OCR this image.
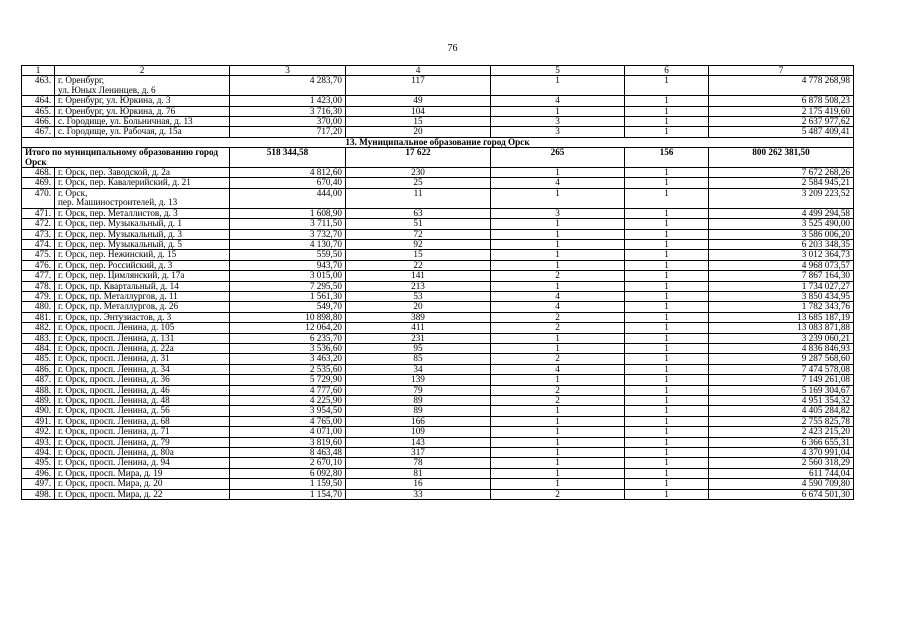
76
1	2	3	4	5	6	7
463.	г. Оренбург,
ул. Юных Ленинцев, д. 6	4 283,70	117	1	1	4 778 268,98
464.	г. Оренбург, ул. Юркина, д. 3	1 423,00	49	4	1	6 878 508,23
465.	г. Оренбург, ул. Юркина, д. 76	3 716,30	104	1	1	2 175 419,60
466.	с. Городище, ул. Больничная, д. 13	370,00	15	3	1	2 637 977,62
467.	с. Городище, ул. Рабочая, д. 15а	717,20	20	3	1	5 487 409,41
13. Муниципальное образование город Орск						
Итого по муниципальному образованию город Орск		518 344,58	17 622	265	156	800 262 381,50
468.	г. Орск, пер. Заводской, д. 2а	4 812,60	230	1	1	7 672 268,26
469.	г. Орск, пер. Кавалерийский, д. 21	670,40	25	4	1	2 584 945,21
470.	г. Орск,
пер. Машиностроителей, д. 13	444,00	11	1	1	3 209 223,52
471.	г. Орск, пер. Металлистов, д. 3	1 608,90	63	3	1	4 499 294,58
472.	г. Орск, пер. Музыкальный, д. 1	3 711,50	51	1	1	3 525 490,00
473.	г. Орск, пер. Музыкальный, д. 3	3 732,70	72	1	1	3 586 006,20
474.	г. Орск, пер. Музыкальный, д. 5	4 130,70	92	1	1	6 203 348,35
475.	г. Орск, пер. Нежинский, д. 15	559,50	15	1	1	3 012 364,73
476.	г. Орск, пер. Российский, д. 3	943,70	22	1	1	4 968 073,57
477.	г. Орск, пер. Цимлянский, д. 17а	3 015,00	141	2	1	7 867 164,30
478.	г. Орск, пр. Квартальный, д. 14	7 295,50	213	1	1	1 734 027,27
479.	г. Орск, пр. Металлургов, д. 11	1 561,30	53	4	1	3 850 434,95
480.	г. Орск, пр. Металлургов, д. 26	549,70	20	4	1	1 782 343,76
481.	г. Орск, пр. Энтузиастов, д. 3	10 898,80	389	2	1	13 685 187,19
482.	г. Орск, просп. Ленина, д. 105	12 064,20	411	2	1	13 083 871,88
483.	г. Орск, просп. Ленина, д. 131	6 235,70	231	1	1	3 239 060,21
484.	г. Орск, просп. Ленина, д. 22а	3 536,60	95	1	1	4 836 846,93
485.	г. Орск, просп. Ленина, д. 31	3 463,20	85	2	1	9 287 568,60
486.	г. Орск, просп. Ленина, д. 34	2 535,60	34	4	1	7 474 578,08
487.	г. Орск, просп. Ленина, д. 36	5 729,90	139	1	1	7 149 261,08
488.	г. Орск, просп. Ленина, д. 46	4 777,60	79	2	1	5 169 304,67
489.	г. Орск, просп. Ленина, д. 48	4 225,90	89	2	1	4 951 354,32
490.	г. Орск, просп. Ленина, д. 56	3 954,50	89	1	1	4 405 284,82
491.	г. Орск, просп. Ленина, д. 68	4 765,00	166	1	1	2 755 825,78
492.	г. Орск, просп. Ленина, д. 71	4 071,00	109	1	1	2 423 215,20
493.	г. Орск, просп. Ленина, д. 79	3 819,60	143	1	1	6 366 655,31
494.	г. Орск, просп. Ленина, д. 80а	8 463,48	317	1	1	4 370 991,04
495.	г. Орск, просп. Ленина, д. 94	2 670,10	78	1	1	2 560 318,29
496.	г. Орск, просп. Мира, д. 19	6 092,80	81	1	1	611 744,04
497.	г. Орск, просп. Мира, д. 20	1 159,50	16	1	1	4 590 709,80
498.	г. Орск, просп. Мира, д. 22	1 154,70	33	2	1	6 674 501,30
